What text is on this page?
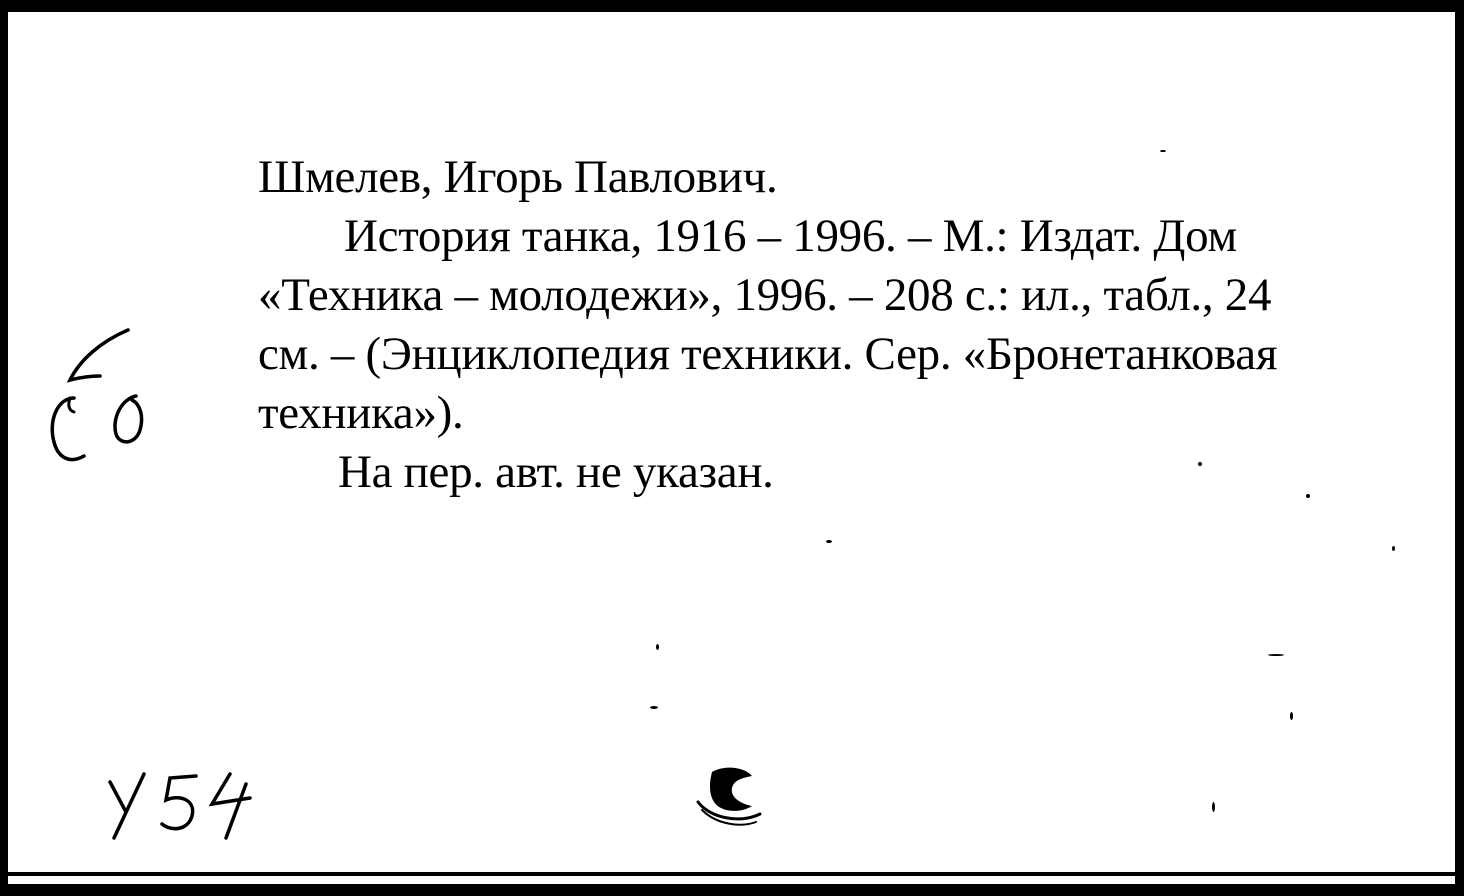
Шмелев, Игорь Павлович.
История танка, 1916 – 1996. – М.: Издат. Дом
«Техника – молодежи», 1996. – 208 с.: ил., табл., 24
см. – (Энциклопедия техники. Сер. «Бронетанковая
техника»).
На пер. авт. не указан.
